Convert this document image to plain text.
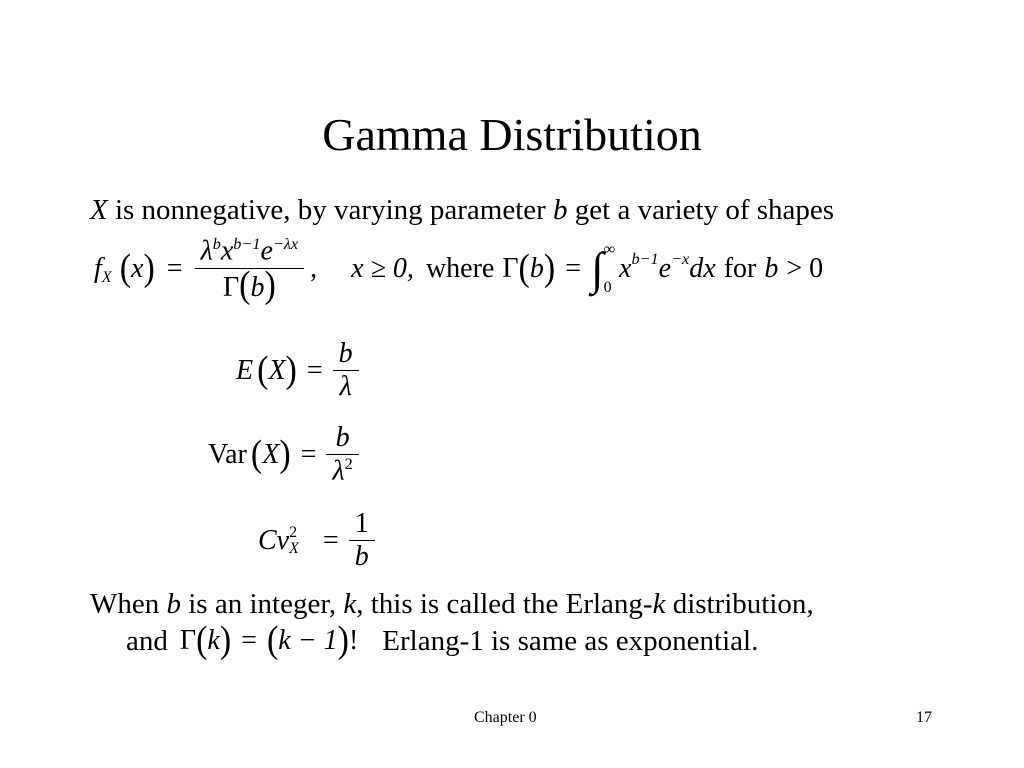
Gamma Distribution
X is nonnegative, by varying parameter b get a variety of shapes
f $_X$ ( x ) = $\frac{\lambda^bx^{b-1}e^{-\lambda x}}{\Gamma(b)}$ , x ≥ 0, where Γ ( b ) = ∫ ∞
0
x $^{b-1}$ e $^{-x}$ dx for b > 0
E ( X ) = $\frac{b}{\lambda}$
Var ( X ) = $\frac{b}{\lambda^2}$
Cv 2
$X = \frac{1}{b}$
When b is an integer, k, this is called the Erlang-k distribution,
and Γ ( k ) = ( k − 1 ) ! Erlang-1 is same as exponential.
Chapter 0	17
